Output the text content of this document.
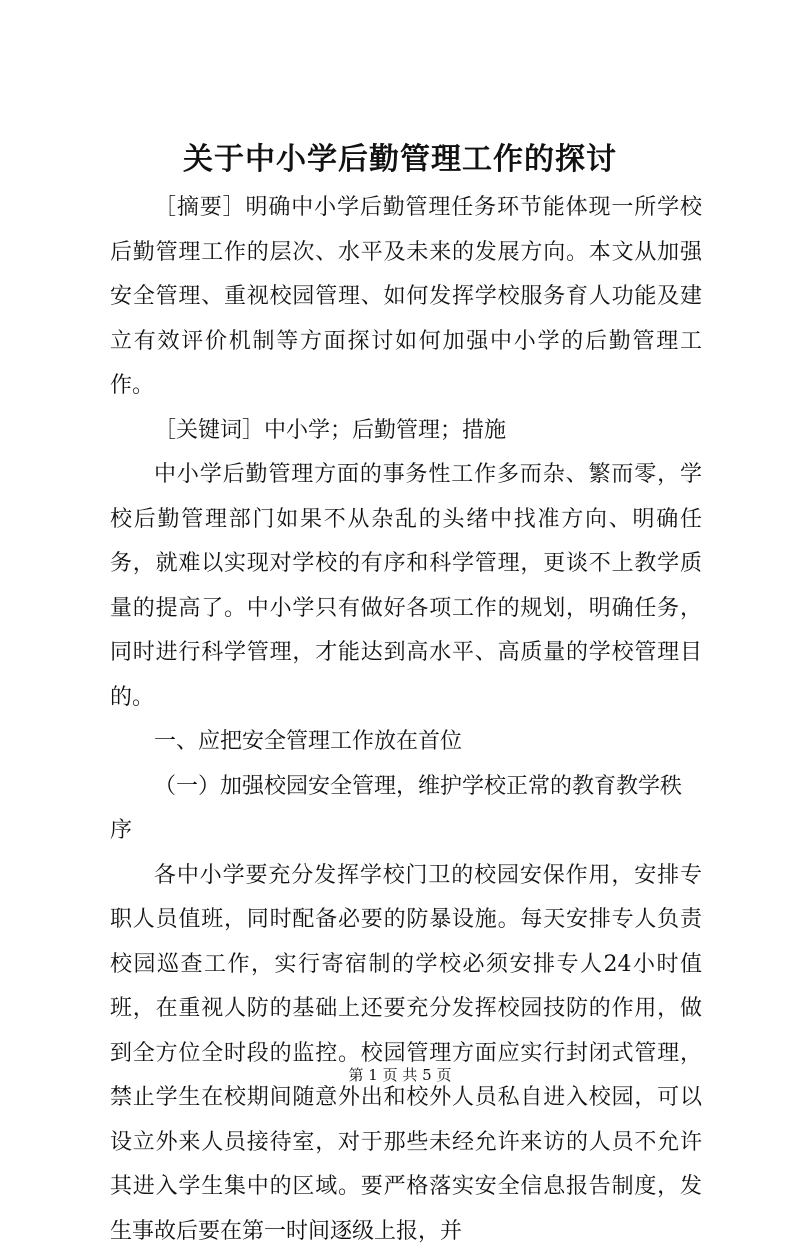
关于中小学后勤管理工作的探讨

［摘要］明确中小学后勤管理任务环节能体现一所学校后勤管理工作的层次、水平及未来的发展方向。本文从加强安全管理、重视校园管理、如何发挥学校服务育人功能及建立有效评价机制等方面探讨如何加强中小学的后勤管理工作。

［关键词］中小学；后勤管理；措施

中小学后勤管理方面的事务性工作多而杂、繁而零，学校后勤管理部门如果不从杂乱的头绪中找准方向、明确任务，就难以实现对学校的有序和科学管理，更谈不上教学质量的提高了。中小学只有做好各项工作的规划，明确任务，同时进行科学管理，才能达到高水平、高质量的学校管理目的。

一、应把安全管理工作放在首位

（一）加强校园安全管理，维护学校正常的教育教学秩序

各中小学要充分发挥学校门卫的校园安保作用，安排专职人员值班，同时配备必要的防暴设施。每天安排专人负责校园巡查工作，实行寄宿制的学校必须安排专人24小时值班，在重视人防的基础上还要充分发挥校园技防的作用，做到全方位全时段的监控。校园管理方面应实行封闭式管理，禁止学生在校期间随意外出和校外人员私自进入校园，可以设立外来人员接待室，对于那些未经允许来访的人员不允许其进入学生集中的区域。要严格落实安全信息报告制度，发生事故后要在第一时间逐级上报，并

第 1 页 共 5 页
